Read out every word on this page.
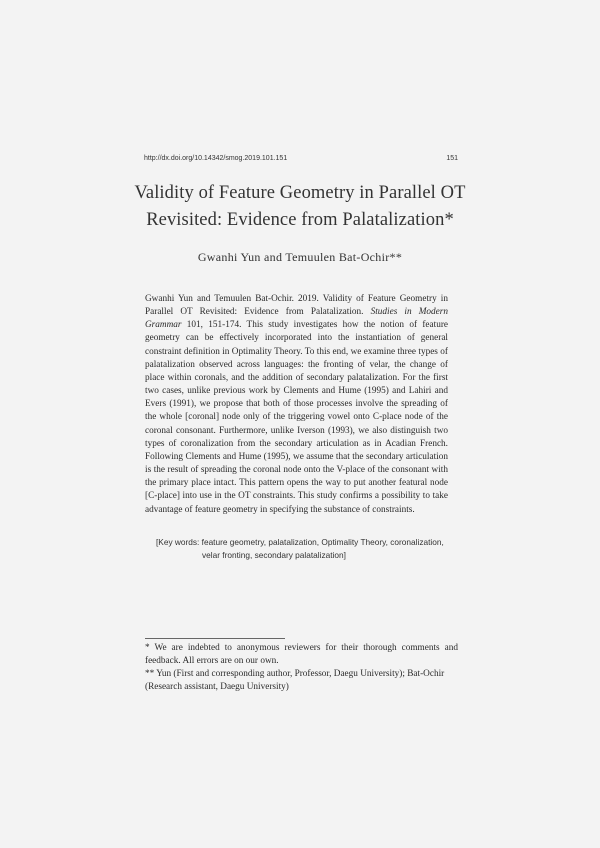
http://dx.doi.org/10.14342/smog.2019.101.151	151
Validity of Feature Geometry in Parallel OT
Revisited: Evidence from Palatalization*
Gwanhi Yun and Temuulen Bat-Ochir**
Gwanhi Yun and Temuulen Bat-Ochir. 2019. Validity of Feature Geometry in Parallel OT Revisited: Evidence from Palatalization. Studies in Modern Grammar 101, 151-174. This study investigates how the notion of feature geometry can be effectively incorporated into the instantiation of general constraint definition in Optimality Theory. To this end, we examine three types of palatalization observed across languages: the fronting of velar, the change of place within coronals, and the addition of secondary palatalization. For the first two cases, unlike previous work by Clements and Hume (1995) and Lahiri and Evers (1991), we propose that both of those processes involve the spreading of the whole [coronal] node only of the triggering vowel onto C-place node of the coronal consonant. Furthermore, unlike Iverson (1993), we also distinguish two types of coronalization from the secondary articulation as in Acadian French. Following Clements and Hume (1995), we assume that the secondary articulation is the result of spreading the coronal node onto the V-place of the consonant with the primary place intact. This pattern opens the way to put another featural node [C-place] into use in the OT constraints. This study confirms a possibility to take advantage of feature geometry in specifying the substance of constraints.
[Key words: feature geometry, palatalization, Optimality Theory, coronalization,
velar fronting, secondary palatalization]

* We are indebted to anonymous reviewers for their thorough comments and feedback. All errors are on our own.

** Yun (First and corresponding author, Professor, Daegu University); Bat-Ochir
(Research assistant, Daegu University)
